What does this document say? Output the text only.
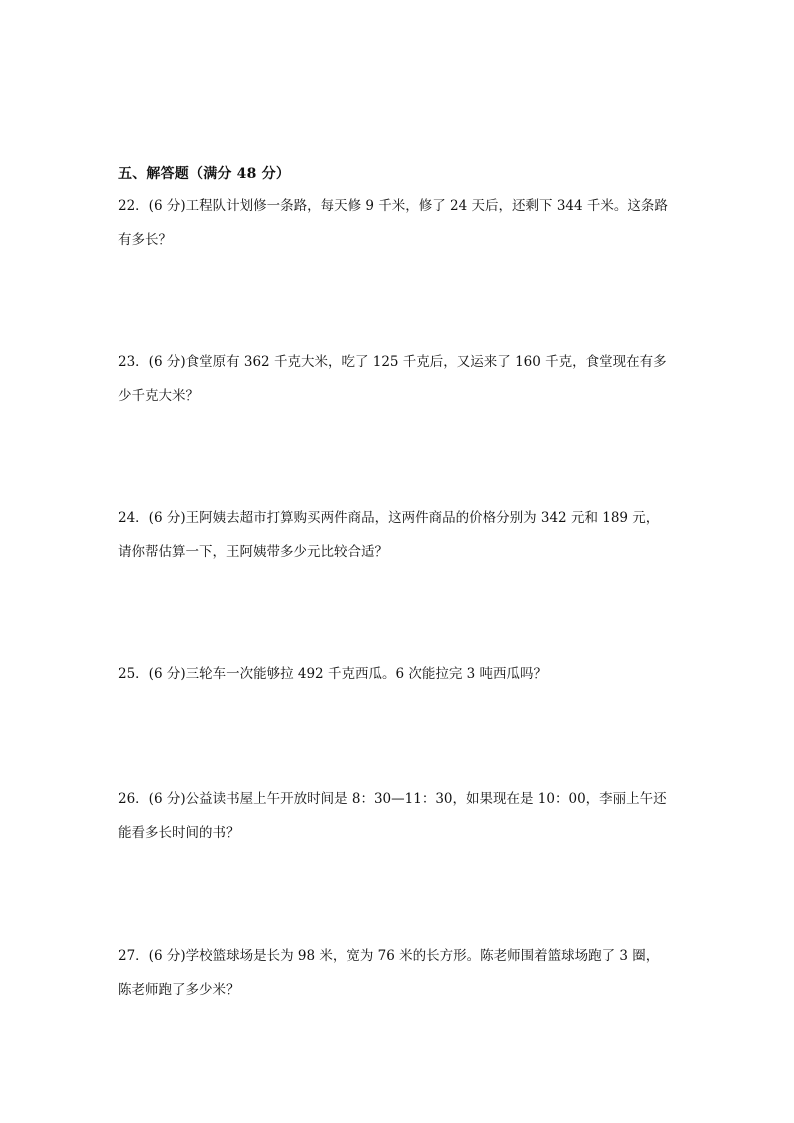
五、解答题（满分 48 分）
22．(6 分)工程队计划修一条路，每天修 9 千米，修了 24 天后，还剩下 344 千米。这条路
有多长？
23．(6 分)食堂原有 362 千克大米，吃了 125 千克后，又运来了 160 千克，食堂现在有多
少千克大米？
24．(6 分)王阿姨去超市打算购买两件商品，这两件商品的价格分别为 342 元和 189 元，
请你帮估算一下，王阿姨带多少元比较合适？
25．(6 分)三轮车一次能够拉 492 千克西瓜。6 次能拉完 3 吨西瓜吗？
26．(6 分)公益读书屋上午开放时间是 8：30—11：30，如果现在是 10：00，李丽上午还
能看多长时间的书？
27．(6 分)学校篮球场是长为 98 米，宽为 76 米的长方形。陈老师围着篮球场跑了 3 圈，
陈老师跑了多少米？
